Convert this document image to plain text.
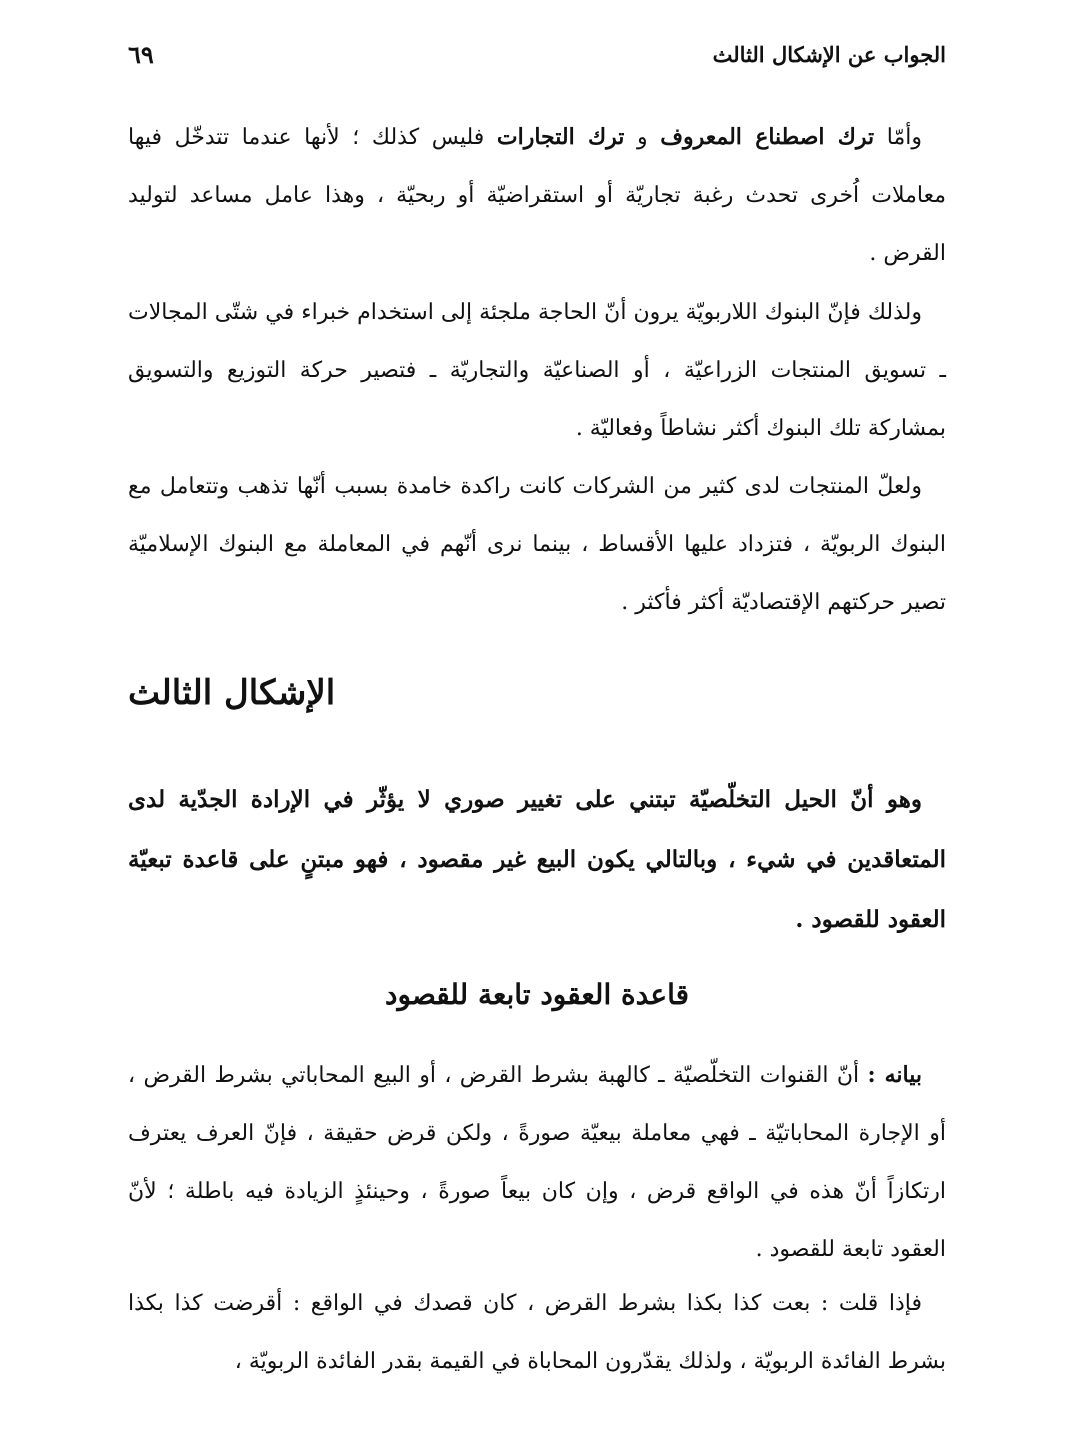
الجواب عن الإشكال الثالث
٦٩

وأمّا ترك اصطناع المعروف و ترك التجارات فليس كذلك ؛ لأنها عندما تتدخّل فيها معاملات اُخرى تحدث رغبة تجاريّة أو استقراضيّة أو ربحيّة ، وهذا عامل مساعد لتوليد القرض .

ولذلك فإنّ البنوك اللاربويّة يرون أنّ الحاجة ملجئة إلى استخدام خبراء في شتّى المجالات ـ تسويق المنتجات الزراعيّة ، أو الصناعيّة والتجاريّة ـ فتصير حركة التوزيع والتسويق بمشاركة تلك البنوك أكثر نشاطاً وفعاليّة .

ولعلّ المنتجات لدى كثير من الشركات كانت راكدة خامدة بسبب أنّها تذهب وتتعامل مع البنوك الربويّة ، فتزداد عليها الأقساط ، بينما نرى أنّهم في المعاملة مع البنوك الإسلاميّة تصير حركتهم الإقتصاديّة أكثر فأكثر .

الإشكال الثالث

وهو أنّ الحيل التخلّصيّة تبتني على تغيير صوري لا يؤثّر في الإرادة الجدّية لدى المتعاقدين في شيء ، وبالتالي يكون البيع غير مقصود ، فهو مبتنٍ على قاعدة تبعيّة العقود للقصود .

قاعدة العقود تابعة للقصود

بيانه : أنّ القنوات التخلّصيّة ـ كالهبة بشرط القرض ، أو البيع المحاباتي بشرط القرض ، أو الإجارة المحاباتيّة ـ فهي معاملة بيعيّة صورةً ، ولكن قرض حقيقة ، فإنّ العرف يعترف ارتكازاً أنّ هذه في الواقع قرض ، وإن كان بيعاً صورةً ، وحينئذٍ الزيادة فيه باطلة ؛ لأنّ العقود تابعة للقصود .

فإذا قلت : بعت كذا بكذا بشرط القرض ، كان قصدك في الواقع : أقرضت كذا بكذا بشرط الفائدة الربويّة ، ولذلك يقدّرون المحاباة في القيمة بقدر الفائدة الربويّة ،
